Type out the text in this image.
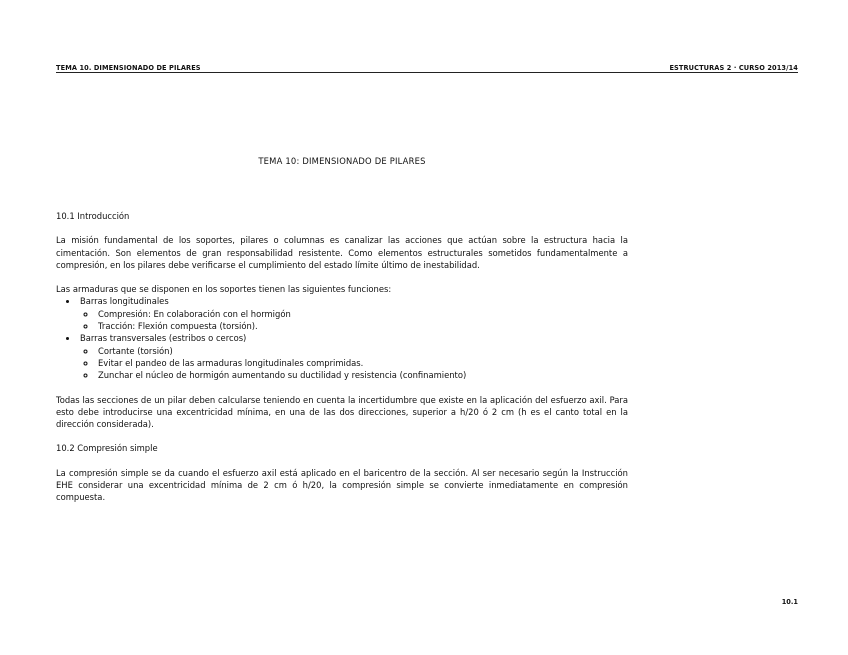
TEMA 10. DIMENSIONADO DE PILARES	ESTRUCTURAS 2 · CURSO 2013/14
TEMA 10: DIMENSIONADO DE PILARES
10.1 Introducción

La misión fundamental de los soportes, pilares o columnas es canalizar las acciones que actúan sobre la estructura hacia la cimentación. Son elementos de gran responsabilidad resistente. Como elementos estructurales sometidos fundamentalmente a compresión, en los pilares debe verificarse el cumplimiento del estado límite último de inestabilidad.

Las armaduras que se disponen en los soportes tienen las siguientes funciones:

• Barras longitudinales
◦ Compresión: En colaboración con el hormigón
◦ Tracción: Flexión compuesta (torsión).
• Barras transversales (estribos o cercos)
◦ Cortante (torsión)
◦ Evitar el pandeo de las armaduras longitudinales comprimidas.
◦ Zunchar el núcleo de hormigón aumentando su ductilidad y resistencia (confinamiento)

Todas las secciones de un pilar deben calcularse teniendo en cuenta la incertidumbre que existe en la aplicación del esfuerzo axil. Para esto debe introducirse una excentricidad mínima, en una de las dos direcciones, superior a h/20 ó 2 cm (h es el canto total en la dirección considerada).

10.2 Compresión simple

La compresión simple se da cuando el esfuerzo axil está aplicado en el baricentro de la sección. Al ser necesario según la Instrucción EHE considerar una excentricidad mínima de 2 cm ó h/20, la compresión simple se convierte inmediatamente en compresión compuesta.

10.1
